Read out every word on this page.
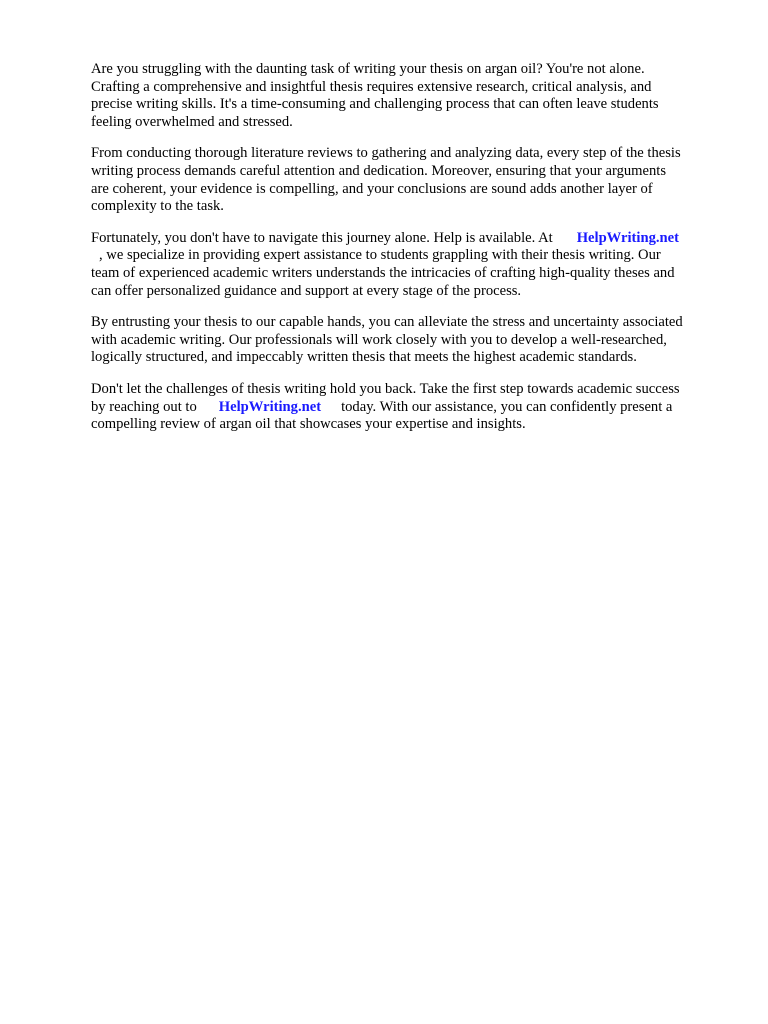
Are you struggling with the daunting task of writing your thesis on argan oil? You're not alone.
Crafting a comprehensive and insightful thesis requires extensive research, critical analysis, and
precise writing skills. It's a time-consuming and challenging process that can often leave students
feeling overwhelmed and stressed.

From conducting thorough literature reviews to gathering and analyzing data, every step of the thesis
writing process demands careful attention and dedication. Moreover, ensuring that your arguments
are coherent, your evidence is compelling, and your conclusions are sound adds another layer of
complexity to the task.

Fortunately, you don't have to navigate this journey alone. Help is available. At HelpWriting.net
, we specialize in providing expert assistance to students grappling with their thesis writing. Our
team of experienced academic writers understands the intricacies of crafting high-quality theses and
can offer personalized guidance and support at every stage of the process.

By entrusting your thesis to our capable hands, you can alleviate the stress and uncertainty associated
with academic writing. Our professionals will work closely with you to develop a well-researched,
logically structured, and impeccably written thesis that meets the highest academic standards.

Don't let the challenges of thesis writing hold you back. Take the first step towards academic success
by reaching out to HelpWriting.net today. With our assistance, you can confidently present a
compelling review of argan oil that showcases your expertise and insights.
